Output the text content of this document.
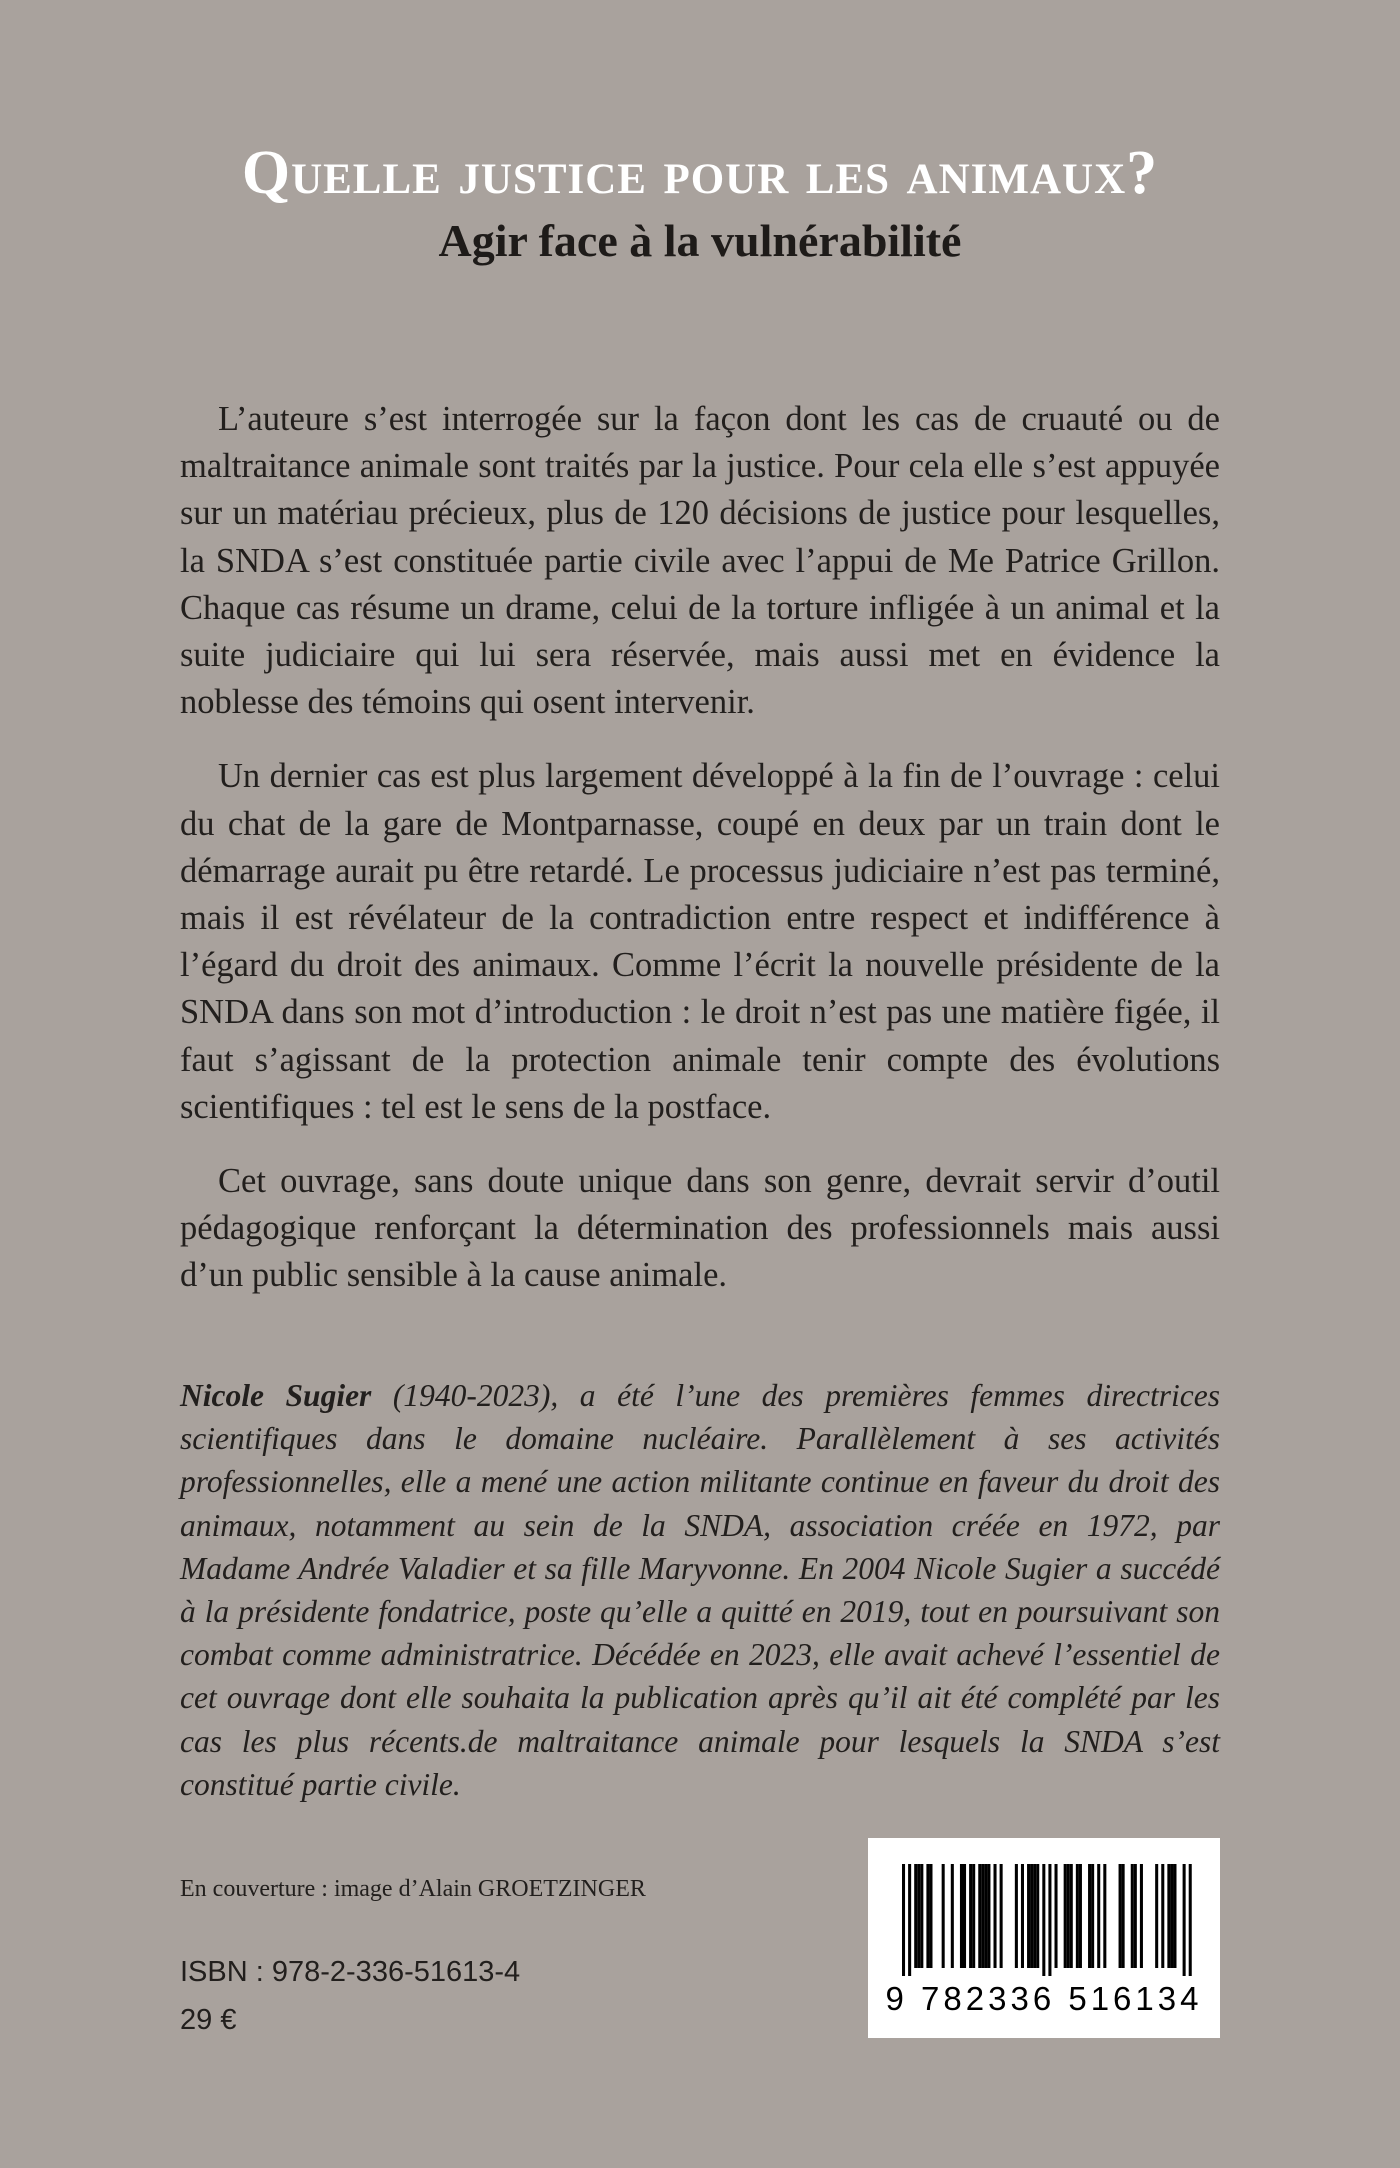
Quelle justice pour les animaux?
Agir face à la vulnérabilité

L’auteure s’est interrogée sur la façon dont les cas de cruauté ou de maltraitance animale sont traités par la justice. Pour cela elle s’est appuyée sur un matériau précieux, plus de 120 décisions de justice pour lesquelles, la SNDA s’est constituée partie civile avec l’appui de Me Patrice Grillon. Chaque cas résume un drame, celui de la torture infligée à un animal et la suite judiciaire qui lui sera réservée, mais aussi met en évidence la noblesse des témoins qui osent intervenir.

Un dernier cas est plus largement développé à la fin de l’ouvrage : celui du chat de la gare de Montparnasse, coupé en deux par un train dont le démarrage aurait pu être retardé. Le processus judiciaire n’est pas terminé, mais il est révélateur de la contradiction entre respect et indifférence à l’égard du droit des animaux. Comme l’écrit la nouvelle présidente de la SNDA dans son mot d’introduction : le droit n’est pas une matière figée, il faut s’agissant de la protection animale tenir compte des évolutions scientifiques : tel est le sens de la postface.

Cet ouvrage, sans doute unique dans son genre, devrait servir d’outil pédagogique renforçant la détermination des professionnels mais aussi d’un public sensible à la cause animale.

Nicole Sugier (1940-2023), a été l’une des premières femmes directrices scientifiques dans le domaine nucléaire. Parallèlement à ses activités professionnelles, elle a mené une action militante continue en faveur du droit des animaux, notamment au sein de la SNDA, association créée en 1972, par Madame Andrée Valadier et sa fille Maryvonne. En 2004 Nicole Sugier a succédé à la présidente fondatrice, poste qu’elle a quitté en 2019, tout en poursuivant son combat comme administratrice. Décédée en 2023, elle avait achevé l’essentiel de cet ouvrage dont elle souhaita la publication après qu’il ait été complété par les cas les plus récents.de maltraitance animale pour lesquels la SNDA s’est constitué partie civile.
En couverture : image d’Alain GROETZINGER
ISBN : 978-2-336-51613-4
29 €
9 782336 516134
